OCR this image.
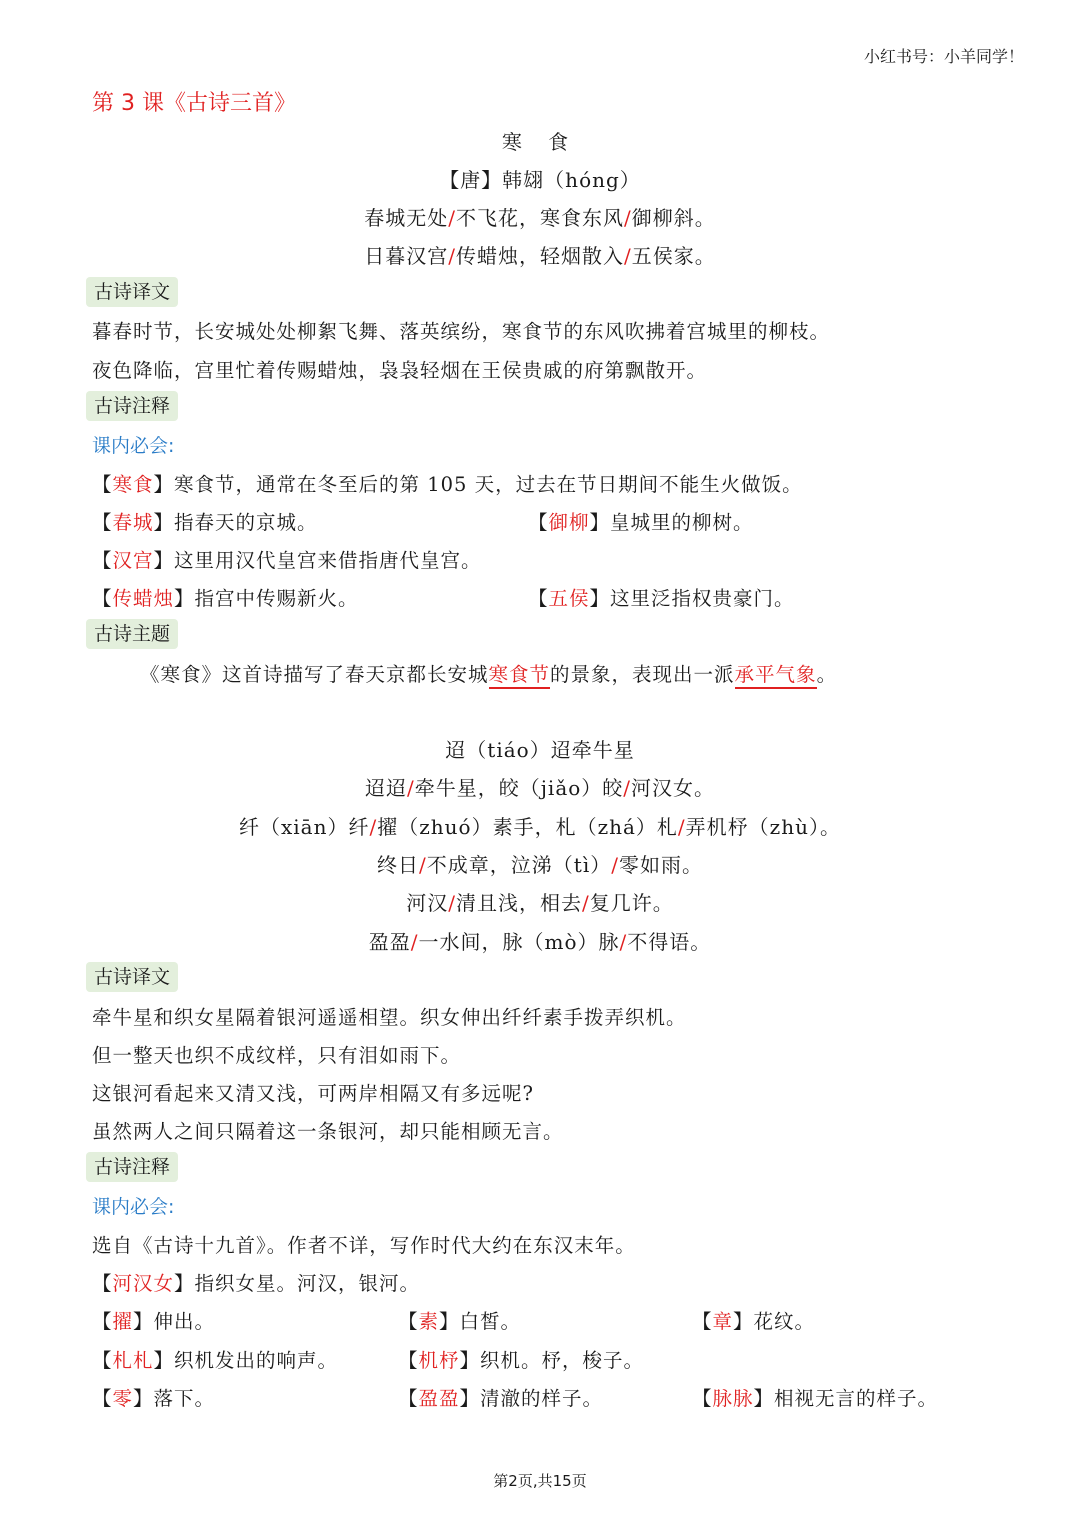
小红书号：小羊同学！
第 3 课《古诗三首》
寒 食
【唐】韩翃（hóng）
春城无处/不飞花，寒食东风/御柳斜。
日暮汉宫/传蜡烛，轻烟散入/五侯家。
古诗译文
暮春时节，长安城处处柳絮飞舞、落英缤纷，寒食节的东风吹拂着宫城里的柳枝。
夜色降临，宫里忙着传赐蜡烛，袅袅轻烟在王侯贵戚的府第飘散开。
古诗注释
课内必会:
【寒食】寒食节，通常在冬至后的第 105 天，过去在节日期间不能生火做饭。
【春城】指春天的京城。	【御柳】皇城里的柳树。
【汉宫】这里用汉代皇宫来借指唐代皇宫。
【传蜡烛】指宫中传赐新火。	【五侯】这里泛指权贵豪门。
古诗主题
《寒食》这首诗描写了春天京都长安城寒食节的景象，表现出一派承平气象。
迢（tiáo）迢牵牛星
迢迢/牵牛星，皎（jiǎo）皎/河汉女。
纤（xiān）纤/擢（zhuó）素手，札（zhá）札/弄机杼（zhù）。
终日/不成章，泣涕（tì）/零如雨。
河汉/清且浅，相去/复几许。
盈盈/一水间，脉（mò）脉/不得语。
古诗译文
牵牛星和织女星隔着银河遥遥相望。织女伸出纤纤素手拨弄织机。
但一整天也织不成纹样，只有泪如雨下。
这银河看起来又清又浅，可两岸相隔又有多远呢?
虽然两人之间只隔着这一条银河，却只能相顾无言。
古诗注释
课内必会:
选自《古诗十九首》。作者不详，写作时代大约在东汉末年。
【河汉女】指织女星。河汉，银河。
【擢】伸出。	【素】白皙。	【章】花纹。
【札札】织机发出的响声。	【机杼】织机。杼，梭子。
【零】落下。	【盈盈】清澈的样子。	【脉脉】相视无言的样子。
第2页,共15页
